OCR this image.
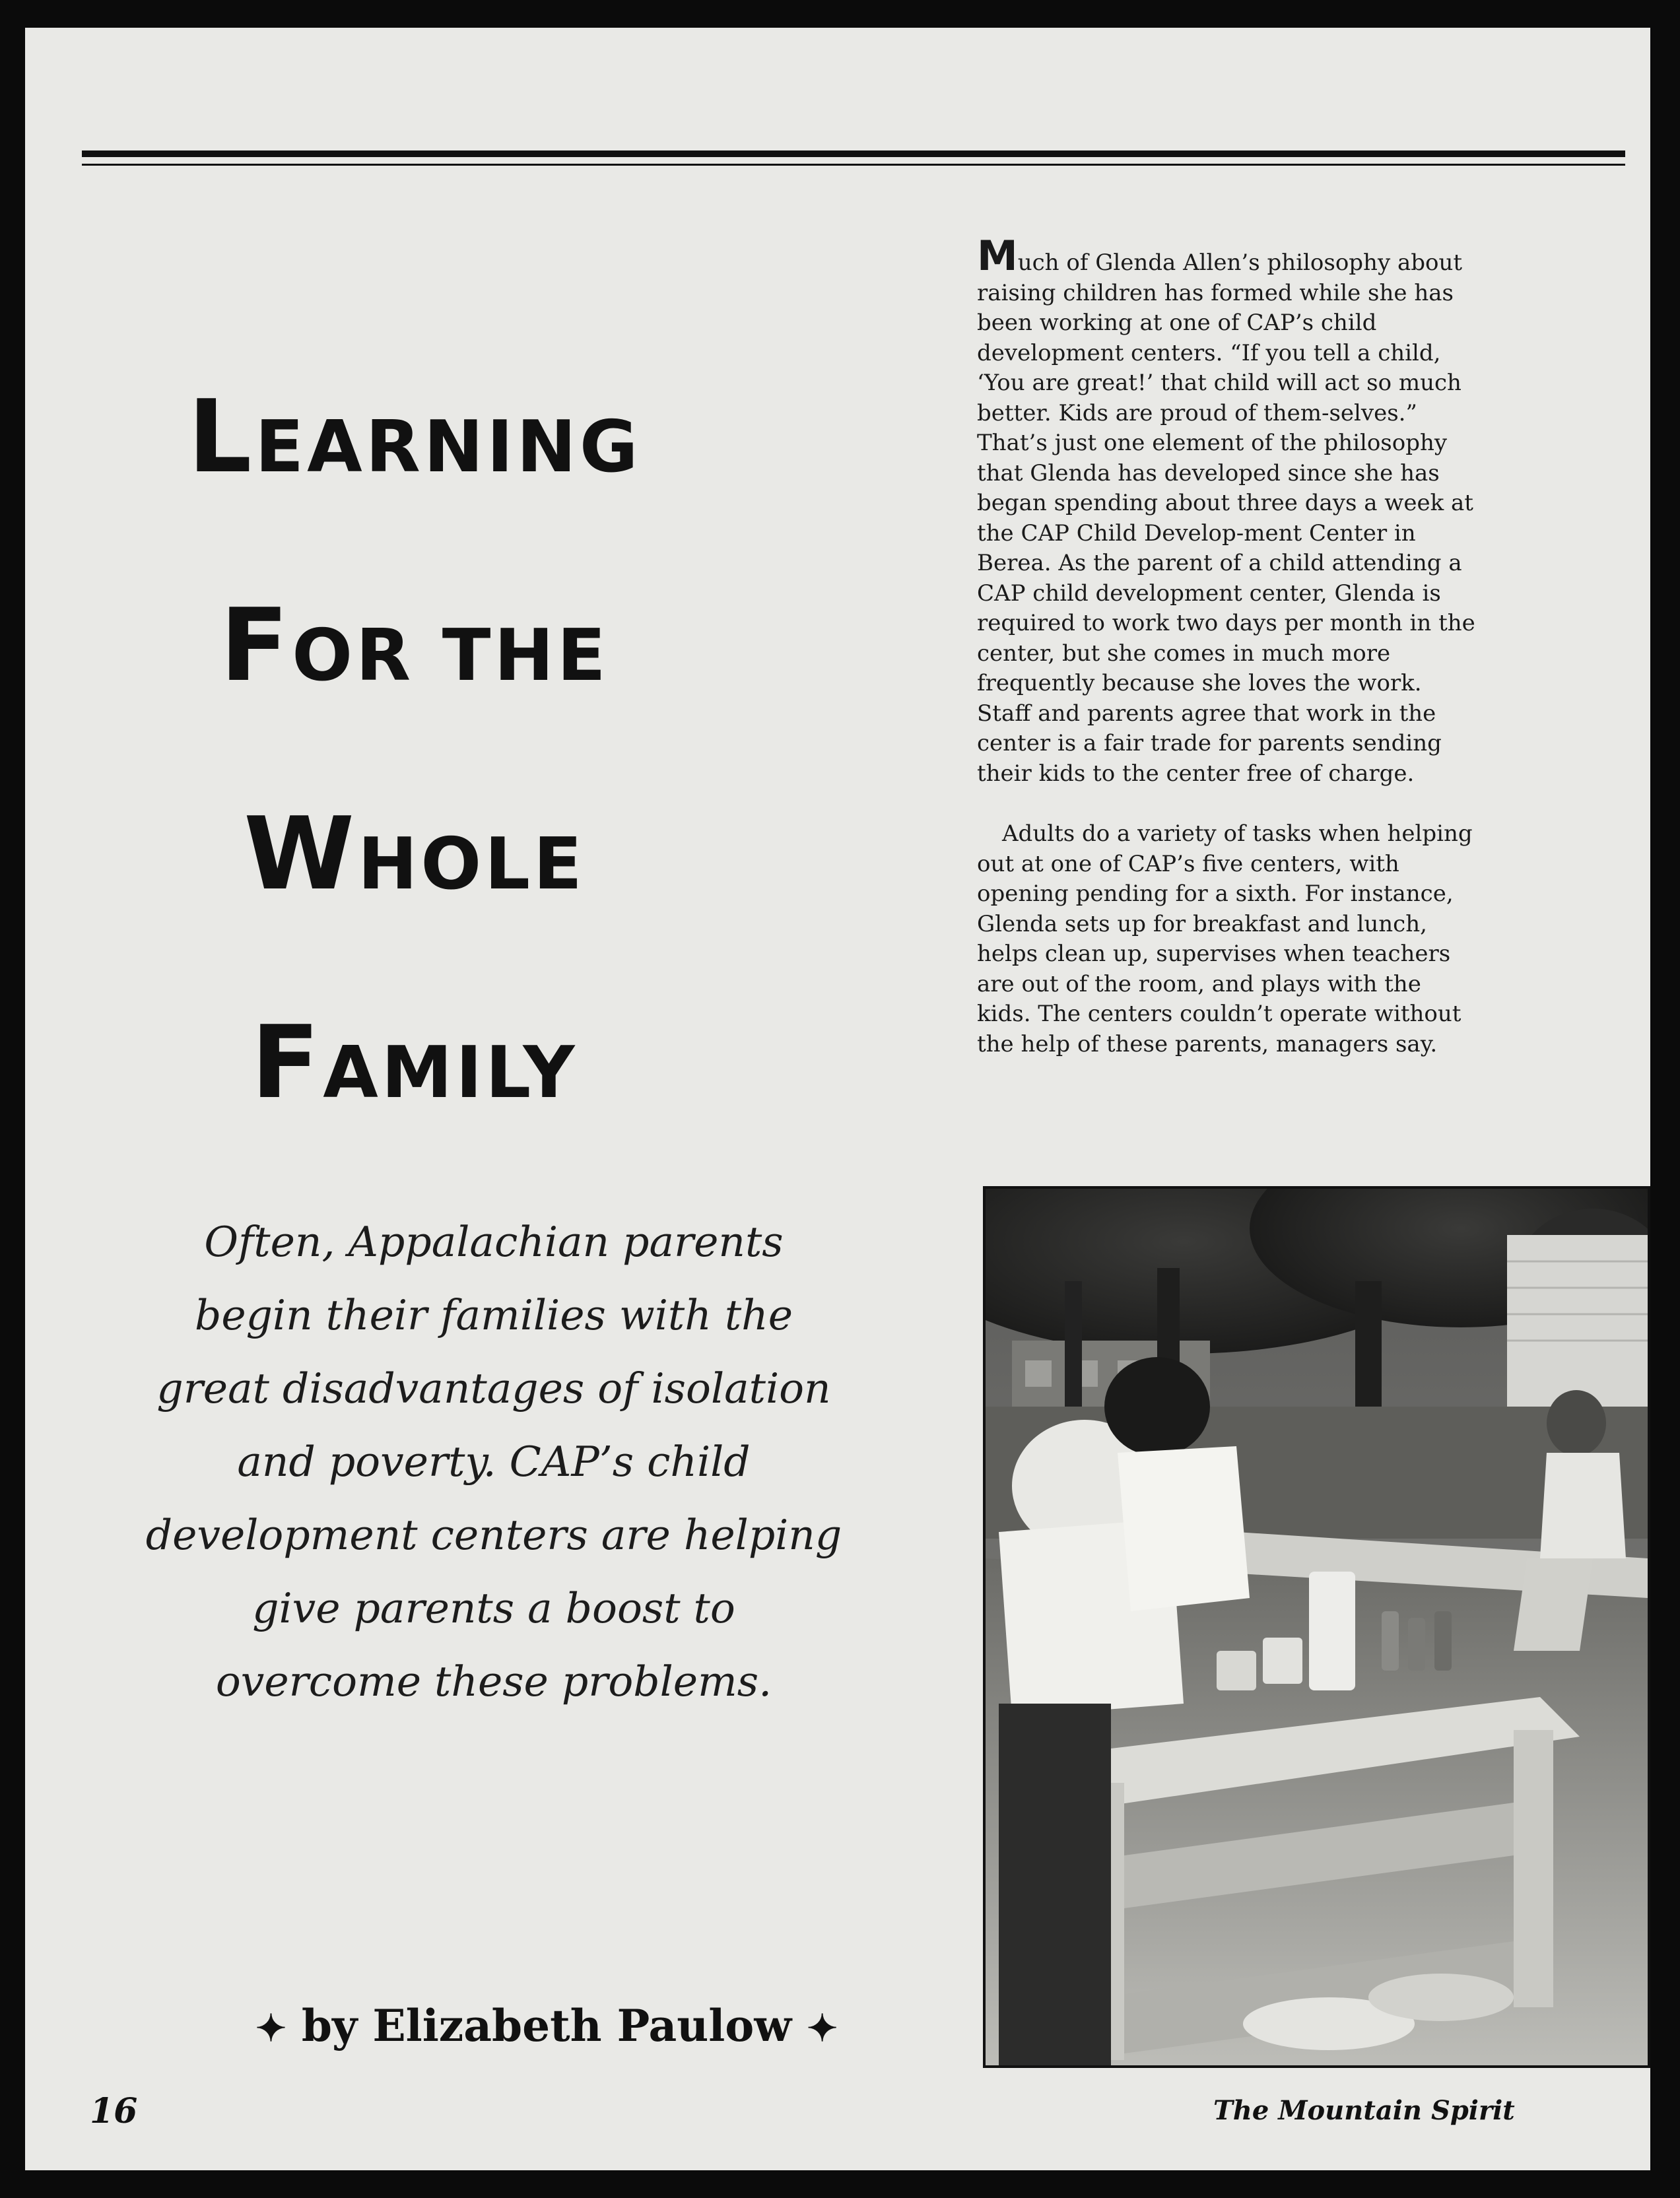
LEARNING
FOR THE
WHOLE
FAMILY

Much of Glenda Allen’s philosophy about raising children has formed while she has been working at one of CAP’s child development centers. “If you tell a child, ‘You are great!’ that child will act so much better. Kids are proud of them-selves.” That’s just one element of the philosophy that Glenda has developed since she has began spending about three days a week at the CAP Child Develop-ment Center in Berea. As the parent of a child attending a CAP child development center, Glenda is required to work two days per month in the center, but she comes in much more frequently because she loves the work. Staff and parents agree that work in the center is a fair trade for parents sending their kids to the center free of charge.

Adults do a variety of tasks when helping out at one of CAP’s five centers, with opening pending for a sixth. For instance, Glenda sets up for breakfast and lunch, helps clean up, supervises when teachers are out of the room, and plays with the kids. The centers couldn’t operate without the help of these parents, managers say.

Often, Appalachian parents begin their families with the great disadvantages of isolation and poverty. CAP’s child development centers are helping give parents a boost to overcome these problems.

✦ by Elizabeth Paulow ✦

16	The Mountain Spirit
